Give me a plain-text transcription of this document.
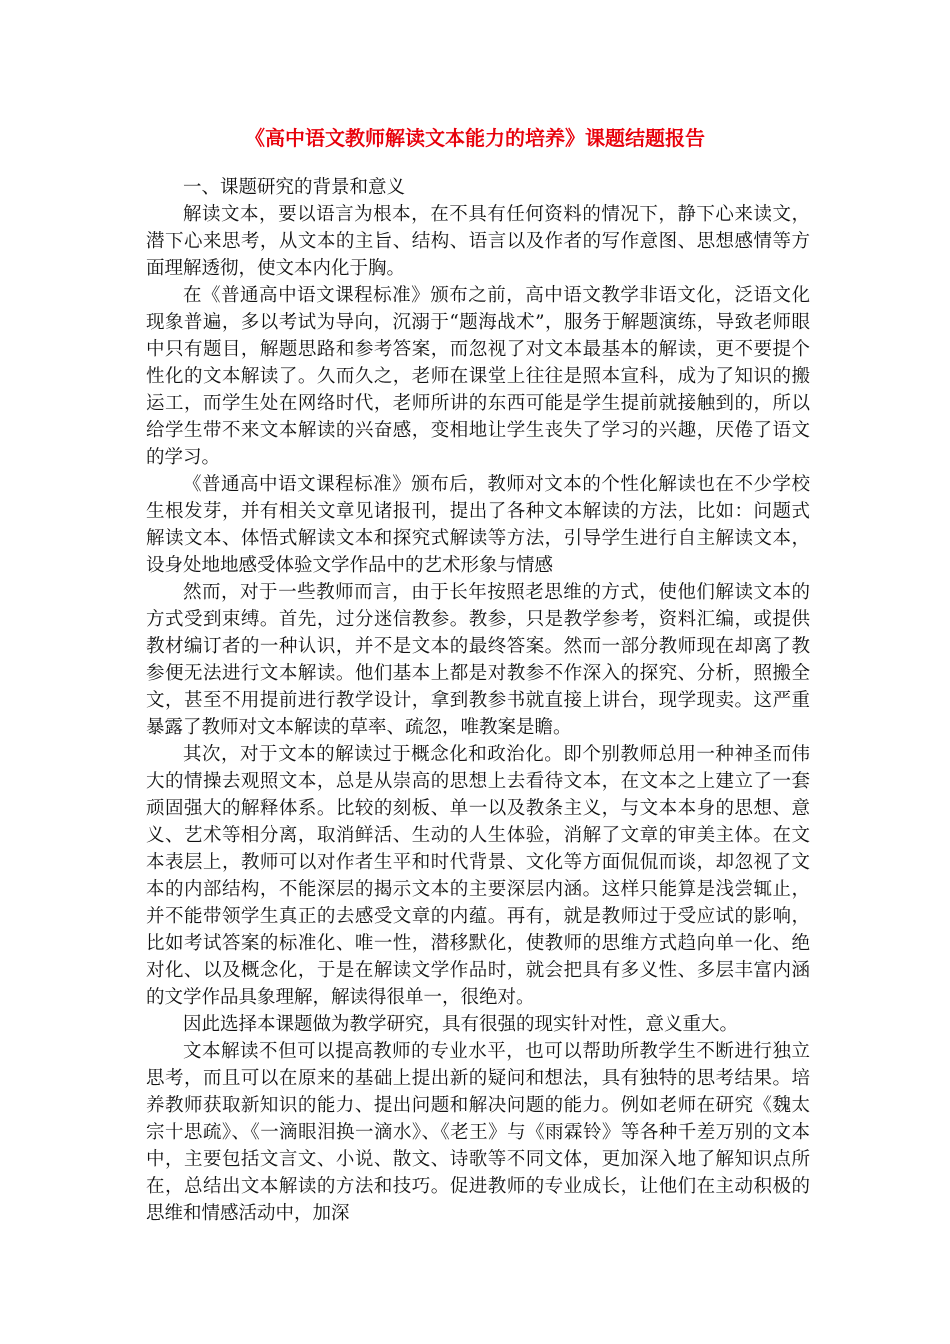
《高中语文教师解读文本能力的培养》课题结题报告

一、课题研究的背景和意义

解读文本，要以语言为根本，在不具有任何资料的情况下，静下心来读文，潜下心来思考，从文本的主旨、结构、语言以及作者的写作意图、思想感情等方面理解透彻，使文本内化于胸。

在《普通高中语文课程标准》颁布之前，高中语文教学非语文化，泛语文化现象普遍，多以考试为导向，沉溺于“题海战术”，服务于解题演练，导致老师眼中只有题目，解题思路和参考答案，而忽视了对文本最基本的解读，更不要提个性化的文本解读了。久而久之，老师在课堂上往往是照本宣科，成为了知识的搬运工，而学生处在网络时代，老师所讲的东西可能是学生提前就接触到的，所以给学生带不来文本解读的兴奋感，变相地让学生丧失了学习的兴趣，厌倦了语文的学习。

《普通高中语文课程标准》颁布后，教师对文本的个性化解读也在不少学校生根发芽，并有相关文章见诸报刊，提出了各种文本解读的方法，比如：问题式解读文本、体悟式解读文本和探究式解读等方法，引导学生进行自主解读文本，设身处地地感受体验文学作品中的艺术形象与情感

然而，对于一些教师而言，由于长年按照老思维的方式，使他们解读文本的方式受到束缚。首先，过分迷信教参。教参，只是教学参考，资料汇编，或提供教材编订者的一种认识，并不是文本的最终答案。然而一部分教师现在却离了教参便无法进行文本解读。他们基本上都是对教参不作深入的探究、分析，照搬全文，甚至不用提前进行教学设计，拿到教参书就直接上讲台，现学现卖。这严重暴露了教师对文本解读的草率、疏忽，唯教案是瞻。

其次，对于文本的解读过于概念化和政治化。即个别教师总用一种神圣而伟大的情操去观照文本，总是从崇高的思想上去看待文本，在文本之上建立了一套顽固强大的解释体系。比较的刻板、单一以及教条主义，与文本本身的思想、意义、艺术等相分离，取消鲜活、生动的人生体验，消解了文章的审美主体。在文本表层上，教师可以对作者生平和时代背景、文化等方面侃侃而谈，却忽视了文本的内部结构，不能深层的揭示文本的主要深层内涵。这样只能算是浅尝辄止，并不能带领学生真正的去感受文章的内蕴。再有，就是教师过于受应试的影响，比如考试答案的标准化、唯一性，潜移默化，使教师的思维方式趋向单一化、绝对化、以及概念化，于是在解读文学作品时，就会把具有多义性、多层丰富内涵的文学作品具象理解，解读得很单一，很绝对。

因此选择本课题做为教学研究，具有很强的现实针对性，意义重大。

文本解读不但可以提高教师的专业水平，也可以帮助所教学生不断进行独立思考，而且可以在原来的基础上提出新的疑问和想法，具有独特的思考结果。培养教师获取新知识的能力、提出问题和解决问题的能力。例如老师在研究《魏太宗十思疏》、《一滴眼泪换一滴水》、《老王》与《雨霖铃》等各种千差万别的文本中，主要包括文言文、小说、散文、诗歌等不同文体，更加深入地了解知识点所在，总结出文本解读的方法和技巧。促进教师的专业成长，让他们在主动积极的思维和情感活动中，加深
